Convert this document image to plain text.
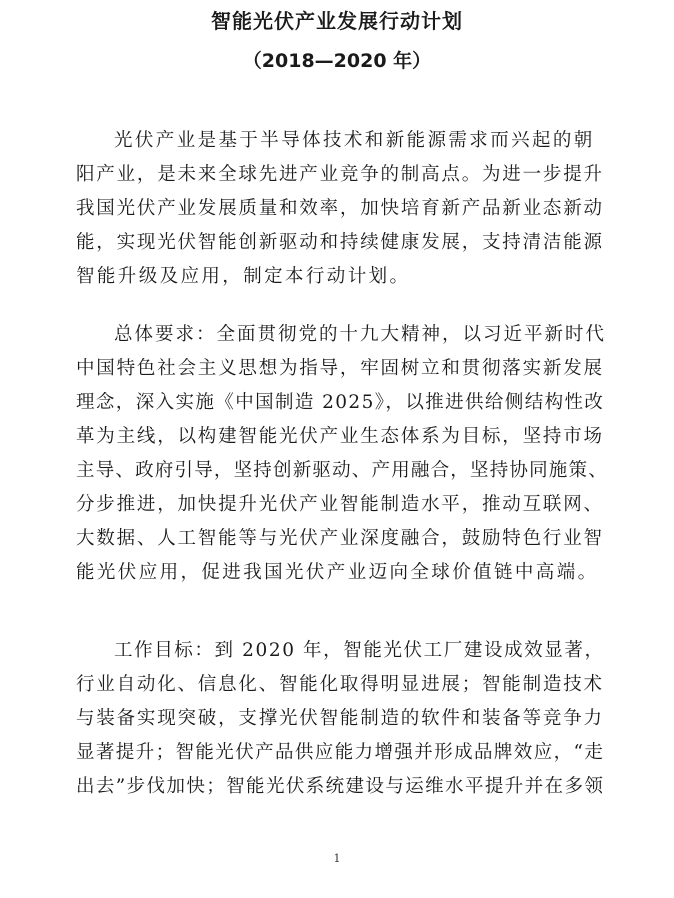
智能光伏产业发展行动计划
（2018—2020 年）
光伏产业是基于半导体技术和新能源需求而兴起的朝
阳产业，是未来全球先进产业竞争的制高点。为进一步提升
我国光伏产业发展质量和效率，加快培育新产品新业态新动
能，实现光伏智能创新驱动和持续健康发展，支持清洁能源
智能升级及应用，制定本行动计划。
总体要求：全面贯彻党的十九大精神，以习近平新时代
中国特色社会主义思想为指导，牢固树立和贯彻落实新发展
理念，深入实施《中国制造 2025》，以推进供给侧结构性改
革为主线，以构建智能光伏产业生态体系为目标，坚持市场
主导、政府引导，坚持创新驱动、产用融合，坚持协同施策、
分步推进，加快提升光伏产业智能制造水平，推动互联网、
大数据、人工智能等与光伏产业深度融合，鼓励特色行业智
能光伏应用，促进我国光伏产业迈向全球价值链中高端。
工作目标：到 2020 年，智能光伏工厂建设成效显著，
行业自动化、信息化、智能化取得明显进展；智能制造技术
与装备实现突破，支撑光伏智能制造的软件和装备等竞争力
显著提升；智能光伏产品供应能力增强并形成品牌效应，“走
出去”步伐加快；智能光伏系统建设与运维水平提升并在多领
1
